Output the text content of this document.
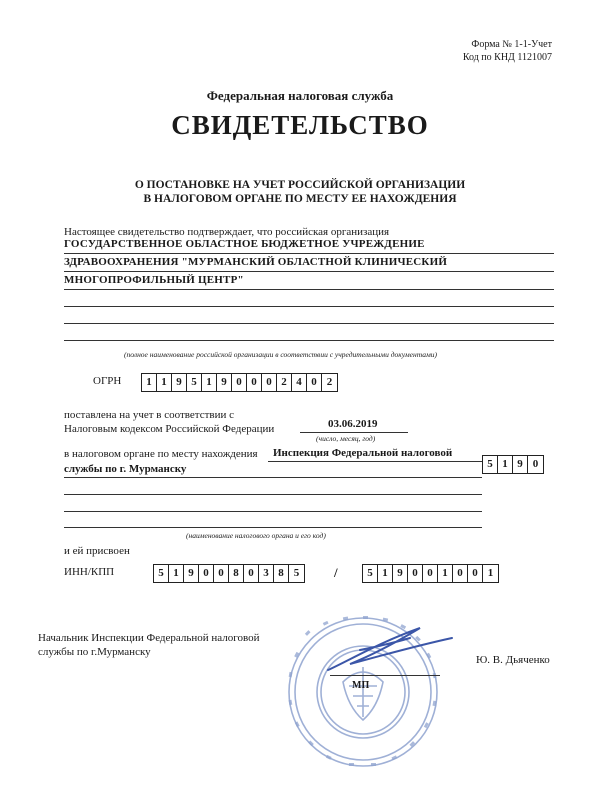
Форма № 1-1-Учет
Код по КНД 1121007
Федеральная налоговая служба
СВИДЕТЕЛЬСТВО
О ПОСТАНОВКЕ НА УЧЕТ РОССИЙСКОЙ ОРГАНИЗАЦИИ
В НАЛОГОВОМ ОРГАНЕ ПО МЕСТУ ЕЕ НАХОЖДЕНИЯ
Настоящее свидетельство подтверждает, что российская организация
ГОСУДАРСТВЕННОЕ ОБЛАСТНОЕ БЮДЖЕТНОЕ УЧРЕЖДЕНИЕ
ЗДРАВООХРАНЕНИЯ "МУРМАНСКИЙ ОБЛАСТНОЙ КЛИНИЧЕСКИЙ
МНОГОПРОФИЛЬНЫЙ ЦЕНТР"
(полное наименование российской организации в соответствии с учредительными документами)
ОГРН	1 1 9 5 1 9 0 0 0 2 4 0 2
поставлена на учет в соответствии с
Налоговым кодексом Российской Федерации	03.06.2019
(число, месяц, год)
в налоговом органе по месту нахождения Инспекция Федеральной налоговой
службы по г. Мурманску	5 1 9 0
(наименование налогового органа и его код)
и ей присвоен
ИНН/КПП	5 1 9 0 0 8 0 3 8 5	/	5 1 9 0 0 1 0 0 1
Начальник Инспекции Федеральной налоговой
службы по г.Мурманску
МП
Ю. В. Дьяченко
